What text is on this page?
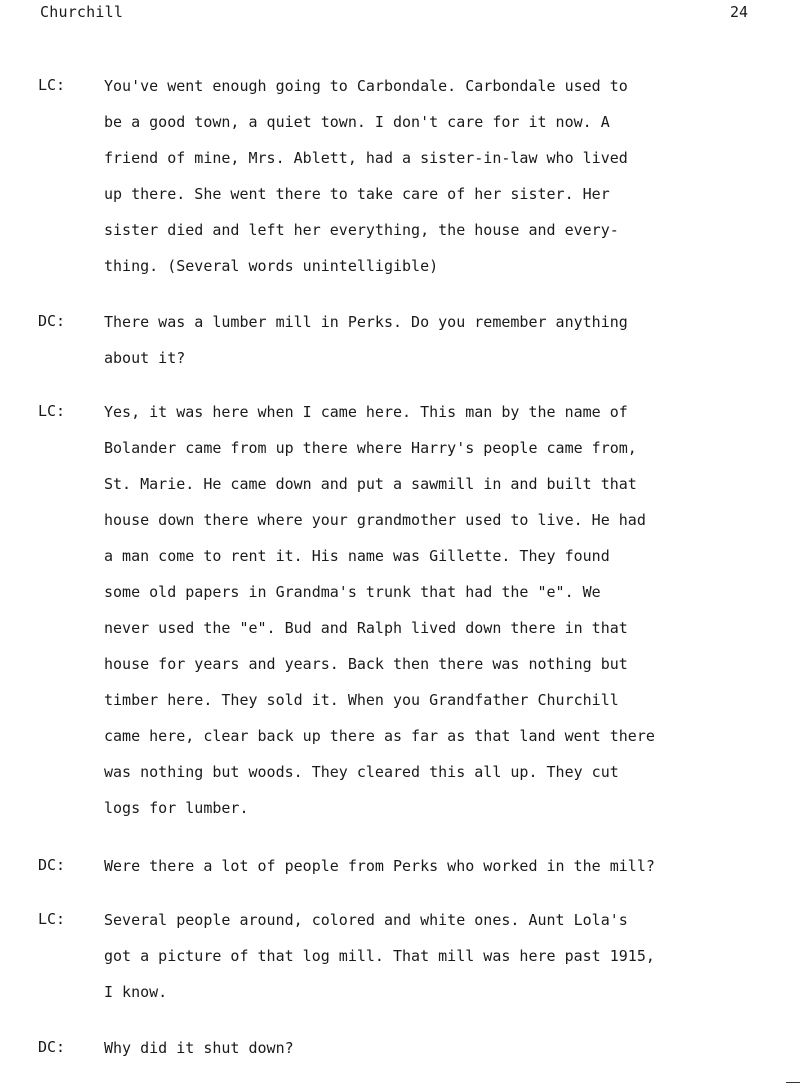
Churchill	24
LC:	You've went enough going to Carbondale. Carbondale used to
be a good town, a quiet town. I don't care for it now. A
friend of mine, Mrs. Ablett, had a sister-in-law who lived
up there. She went there to take care of her sister. Her
sister died and left her everything, the house and every-
thing. (Several words unintelligible)
DC:	There was a lumber mill in Perks. Do you remember anything
about it?
LC:	Yes, it was here when I came here. This man by the name of
Bolander came from up there where Harry's people came from,
St. Marie. He came down and put a sawmill in and built that
house down there where your grandmother used to live. He had
a man come to rent it. His name was Gillette. They found
some old papers in Grandma's trunk that had the "e". We
never used the "e". Bud and Ralph lived down there in that
house for years and years. Back then there was nothing but
timber here. They sold it. When you Grandfather Churchill
came here, clear back up there as far as that land went there
was nothing but woods. They cleared this all up. They cut
logs for lumber.
DC:	Were there a lot of people from Perks who worked in the mill?
LC:	Several people around, colored and white ones. Aunt Lola's
got a picture of that log mill. That mill was here past 1915,
I know.
DC:	Why did it shut down?
